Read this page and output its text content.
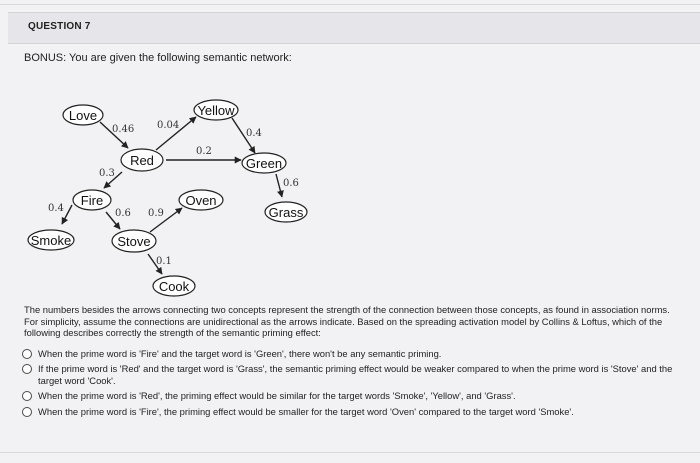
QUESTION 7
BONUS: You are given the following semantic network:
0.46 0.04
0.4
0.2
0.3
0.6
0.4	0.6 0.9
0.1
Love	Yellow
Red	Green
Fire	Oven
Grass
Smoke	Stove
Cook
The numbers besides the arrows connecting two concepts represent the strength of the connection between those concepts, as found in association norms. For simplicity, assume the connections are unidirectional as the arrows indicate. Based on the spreading activation model by Collins & Loftus, which of the following describes correctly the strength of the semantic priming effect:
When the prime word is 'Fire' and the target word is 'Green', there won't be any semantic priming.
If the prime word is 'Red' and the target word is 'Grass', the semantic priming effect would be weaker compared to when the prime word is 'Stove' and the target word 'Cook'.
When the prime word is 'Red', the priming effect would be similar for the target words 'Smoke', 'Yellow', and 'Grass'.
When the prime word is 'Fire', the priming effect would be smaller for the target word 'Oven' compared to the target word 'Smoke'.
